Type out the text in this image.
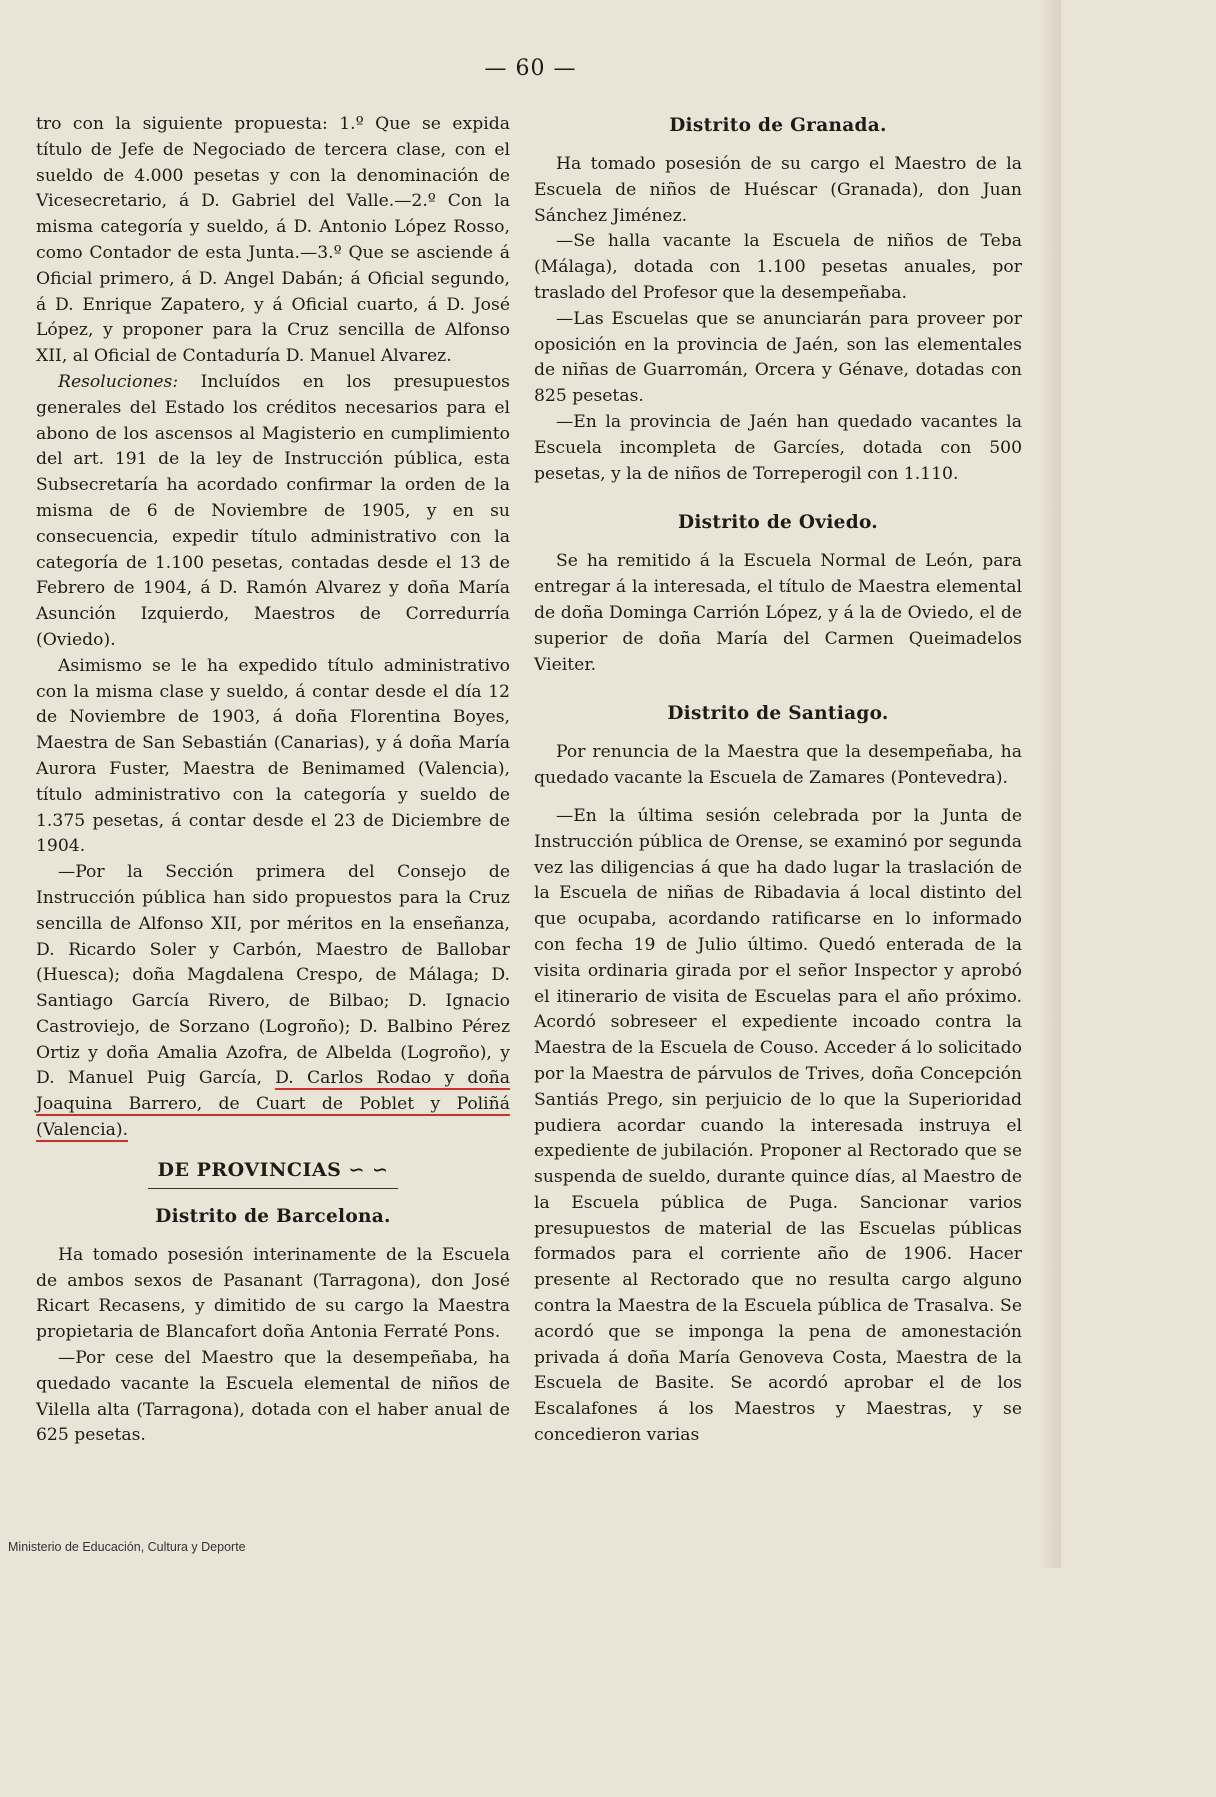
— 60 —

tro con la siguiente propuesta: 1.º Que se expida título de Jefe de Negociado de tercera clase, con el sueldo de 4.000 pesetas y con la denominación de Vicesecretario, á D. Gabriel del Valle.—2.º Con la misma categoría y sueldo, á D. Antonio López Rosso, como Contador de esta Junta.—3.º Que se asciende á Oficial primero, á D. Angel Dabán; á Oficial segundo, á D. Enrique Zapatero, y á Oficial cuarto, á D. José López, y proponer para la Cruz sencilla de Alfonso XII, al Oficial de Contaduría D. Manuel Alvarez.

Resoluciones: Incluídos en los presupuestos generales del Estado los créditos necesarios para el abono de los ascensos al Magisterio en cumplimiento del art. 191 de la ley de Instrucción pública, esta Subsecretaría ha acordado confirmar la orden de la misma de 6 de Noviembre de 1905, y en su consecuencia, expedir título administrativo con la categoría de 1.100 pesetas, contadas desde el 13 de Febrero de 1904, á D. Ramón Alvarez y doña María Asunción Izquierdo, Maestros de Corredurría (Oviedo).

Asimismo se le ha expedido título administrativo con la misma clase y sueldo, á contar desde el día 12 de Noviembre de 1903, á doña Florentina Boyes, Maestra de San Sebastián (Canarias), y á doña María Aurora Fuster, Maestra de Benimamed (Valencia), título administrativo con la categoría y sueldo de 1.375 pesetas, á contar desde el 23 de Diciembre de 1904.

—Por la Sección primera del Consejo de Instrucción pública han sido propuestos para la Cruz sencilla de Alfonso XII, por méritos en la enseñanza, D. Ricardo Soler y Carbón, Maestro de Ballobar (Huesca); doña Magdalena Crespo, de Málaga; D. Santiago García Rivero, de Bilbao; D. Ignacio Castroviejo, de Sorzano (Logroño); D. Balbino Pérez Ortiz y doña Amalia Azofra, de Albelda (Logroño), y D. Manuel Puig García, D. Carlos Rodao y doña Joaquina Barrero, de Cuart de Poblet y Poliñá (Valencia).

DE PROVINCIAS ∽ ∽
Distrito de Barcelona.

Ha tomado posesión interinamente de la Escuela de ambos sexos de Pasanant (Tarragona), don José Ricart Recasens, y dimitido de su cargo la Maestra propietaria de Blancafort doña Antonia Ferraté Pons.

—Por cese del Maestro que la desempeñaba, ha quedado vacante la Escuela elemental de niños de Vilella alta (Tarragona), dotada con el haber anual de 625 pesetas.

Distrito de Granada.

Ha tomado posesión de su cargo el Maestro de la Escuela de niños de Huéscar (Granada), don Juan Sánchez Jiménez.

—Se halla vacante la Escuela de niños de Teba (Málaga), dotada con 1.100 pesetas anuales, por traslado del Profesor que la desempeñaba.

—Las Escuelas que se anunciarán para proveer por oposición en la provincia de Jaén, son las elementales de niñas de Guarromán, Orcera y Génave, dotadas con 825 pesetas.

—En la provincia de Jaén han quedado vacantes la Escuela incompleta de Garcíes, dotada con 500 pesetas, y la de niños de Torreperogil con 1.110.

Distrito de Oviedo.

Se ha remitido á la Escuela Normal de León, para entregar á la interesada, el título de Maestra elemental de doña Dominga Carrión López, y á la de Oviedo, el de superior de doña María del Carmen Queimadelos Vieiter.

Distrito de Santiago.

Por renuncia de la Maestra que la desempeñaba, ha quedado vacante la Escuela de Zamares (Pontevedra).

—En la última sesión celebrada por la Junta de Instrucción pública de Orense, se examinó por segunda vez las diligencias á que ha dado lugar la traslación de la Escuela de niñas de Ribadavia á local distinto del que ocupaba, acordando ratificarse en lo informado con fecha 19 de Julio último. Quedó enterada de la visita ordinaria girada por el señor Inspector y aprobó el itinerario de visita de Escuelas para el año próximo. Acordó sobreseer el expediente incoado contra la Maestra de la Escuela de Couso. Acceder á lo solicitado por la Maestra de párvulos de Trives, doña Concepción Santiás Prego, sin perjuicio de lo que la Superioridad pudiera acordar cuando la interesada instruya el expediente de jubilación. Proponer al Rectorado que se suspenda de sueldo, durante quince días, al Maestro de la Escuela pública de Puga. Sancionar varios presupuestos de material de las Escuelas públicas formados para el corriente año de 1906. Hacer presente al Rectorado que no resulta cargo alguno contra la Maestra de la Escuela pública de Trasalva. Se acordó que se imponga la pena de amonestación privada á doña María Genoveva Costa, Maestra de la Escuela de Basite. Se acordó aprobar el de los Escalafones á los Maestros y Maestras, y se concedieron varias

Ministerio de Educación, Cultura y Deporte
